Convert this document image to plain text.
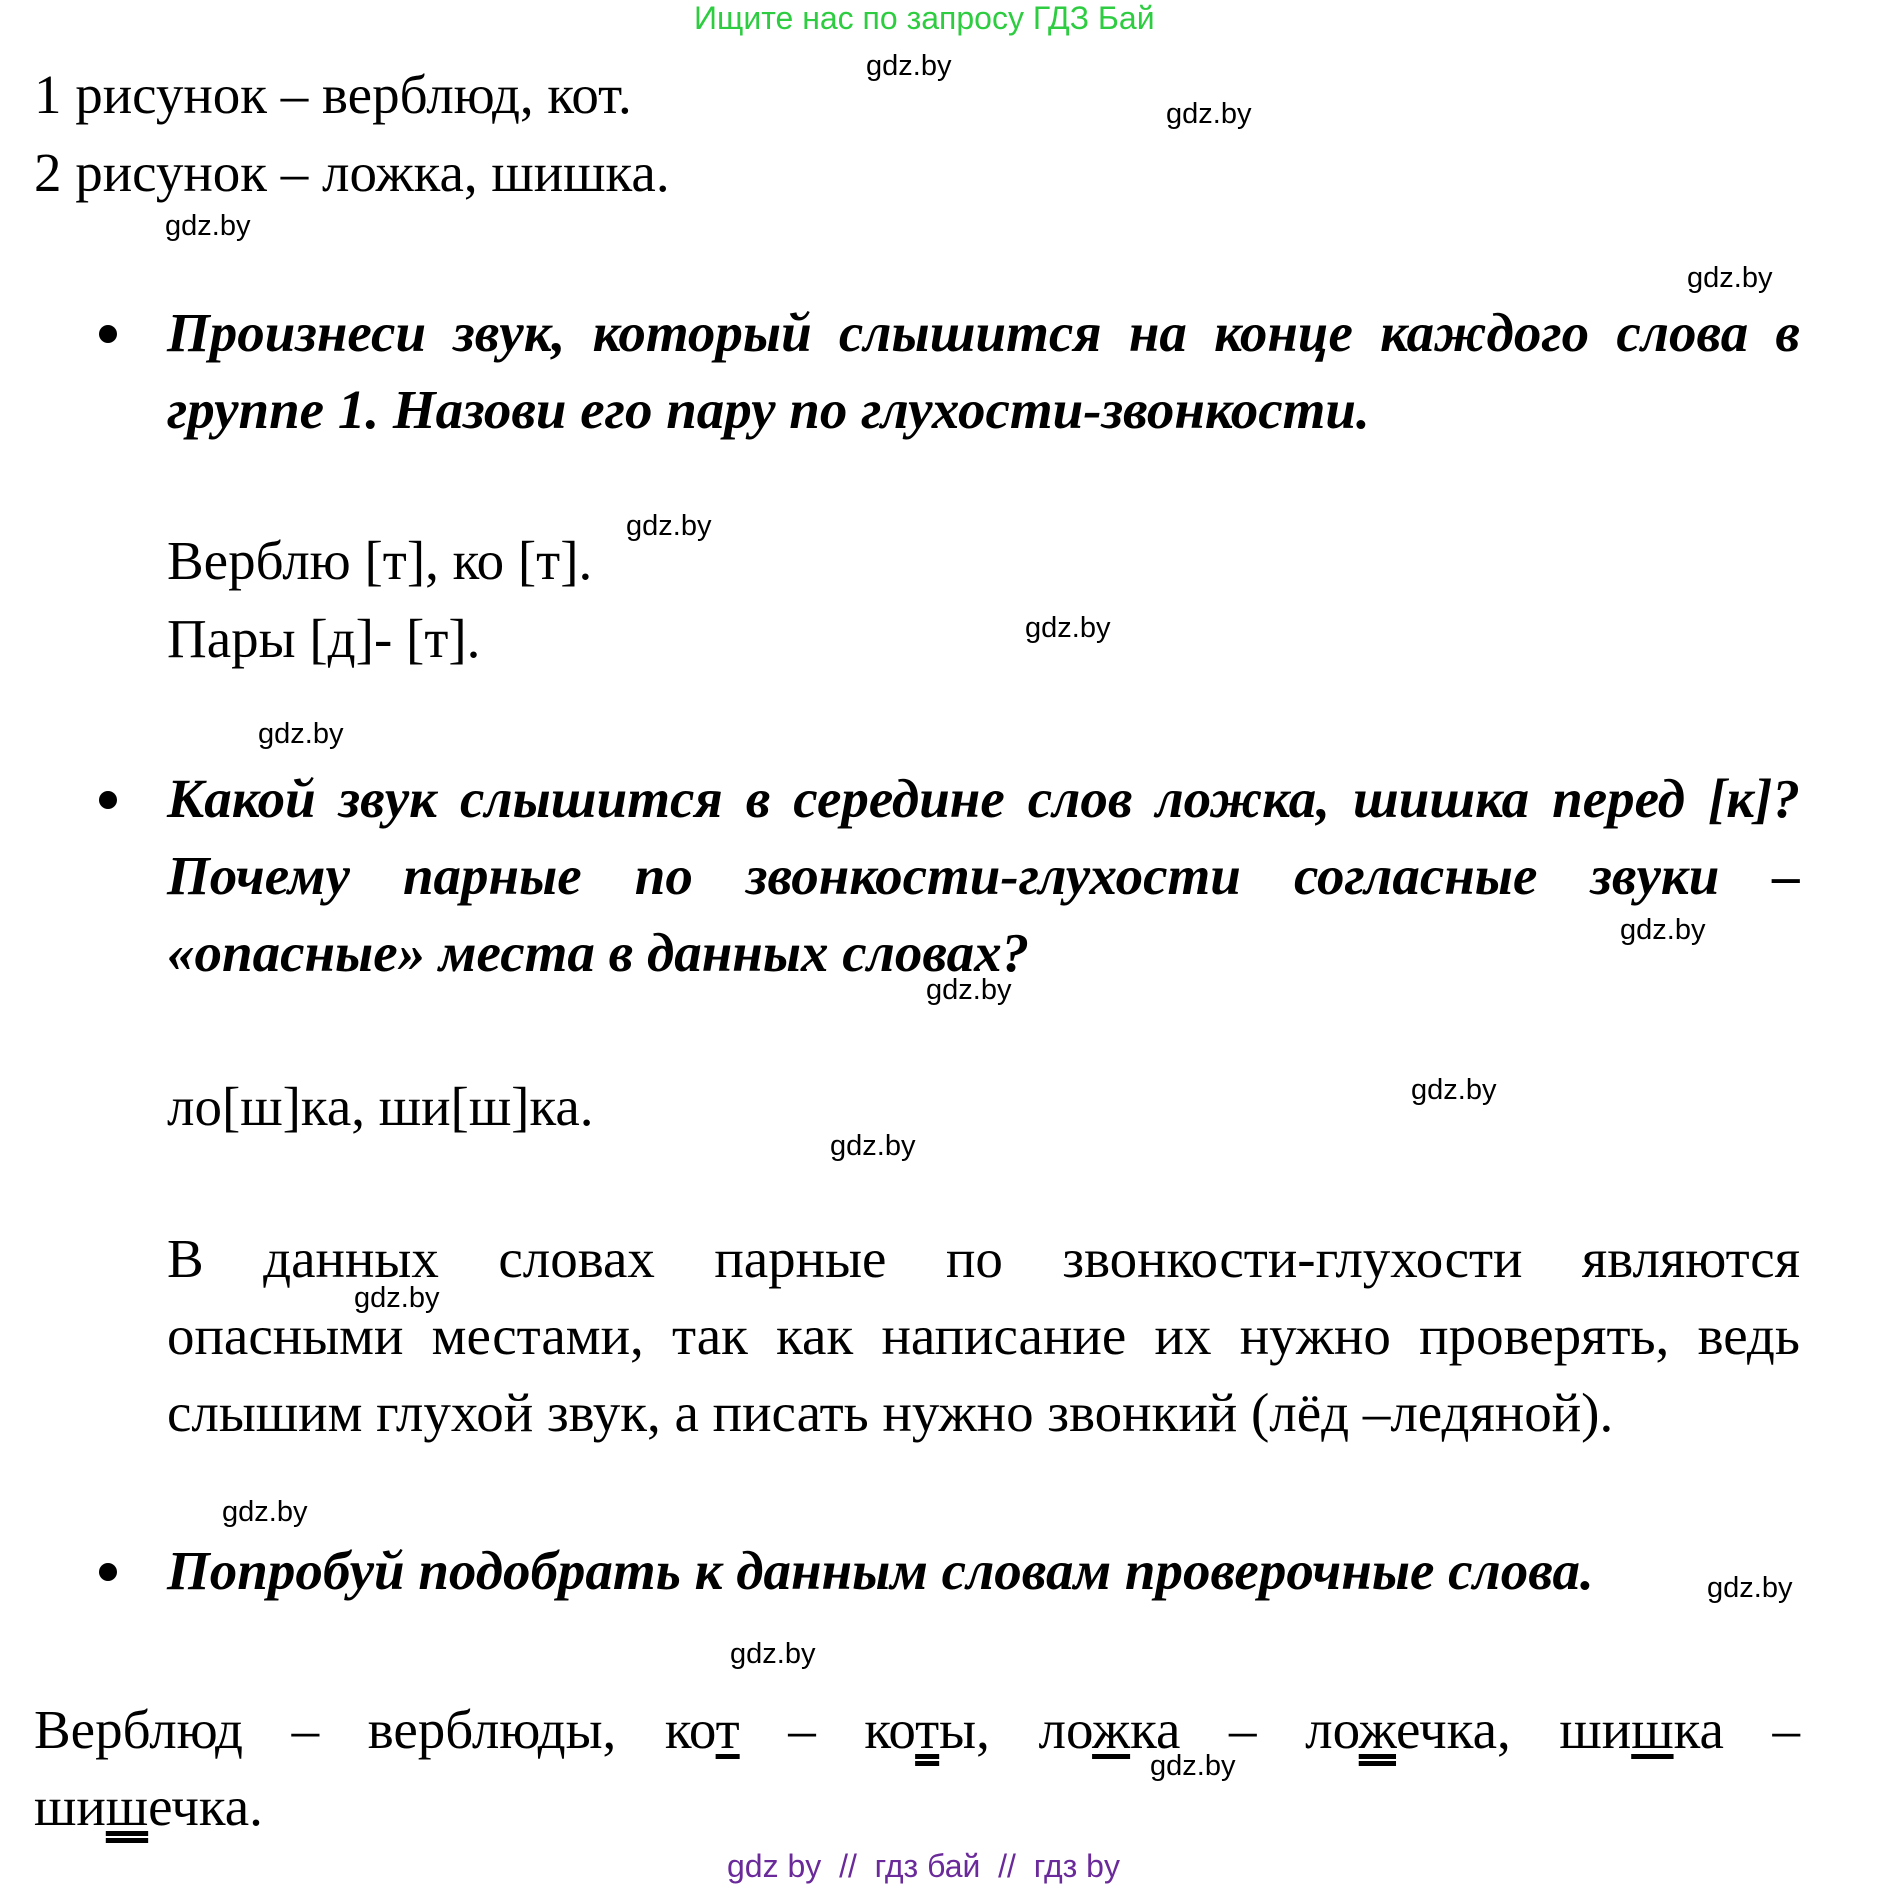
Ищите нас по запросу ГДЗ Бай
1 рисунок – верблюд, кот.
2 рисунок – ложка, шишка.
Произнеси звук, который слышится на конце каждого слова в группе 1. Назови его пару по глухости-звонкости.
Верблю [т], ко [т].
Пары [д]- [т].
Какой звук слышится в середине слов ложка, шишка перед [к]? Почему парные по звонкости-глухости согласные звуки – «опасные» места в данных словах?
ло[ш]ка, ши[ш]ка.
В данных словах парные по звонкости-глухости являются
опасными местами, так как написание их нужно проверять, ведь
слышим глухой звук, а писать нужно звонкий (лёд –ледяной).
Попробуй подобрать к данным словам проверочные слова.
Верблюд – верблюды, кот – коты, ложка – ложечка, шишка –
шишечка.
gdz.by
gdz.by
gdz.by
gdz.by
gdz.by
gdz.by
gdz.by
gdz.by
gdz.by
gdz.by
gdz.by
gdz.by
gdz.by
gdz.by
gdz.by
gdz.by
gdz by  //  гдз бай  //  гдз by
